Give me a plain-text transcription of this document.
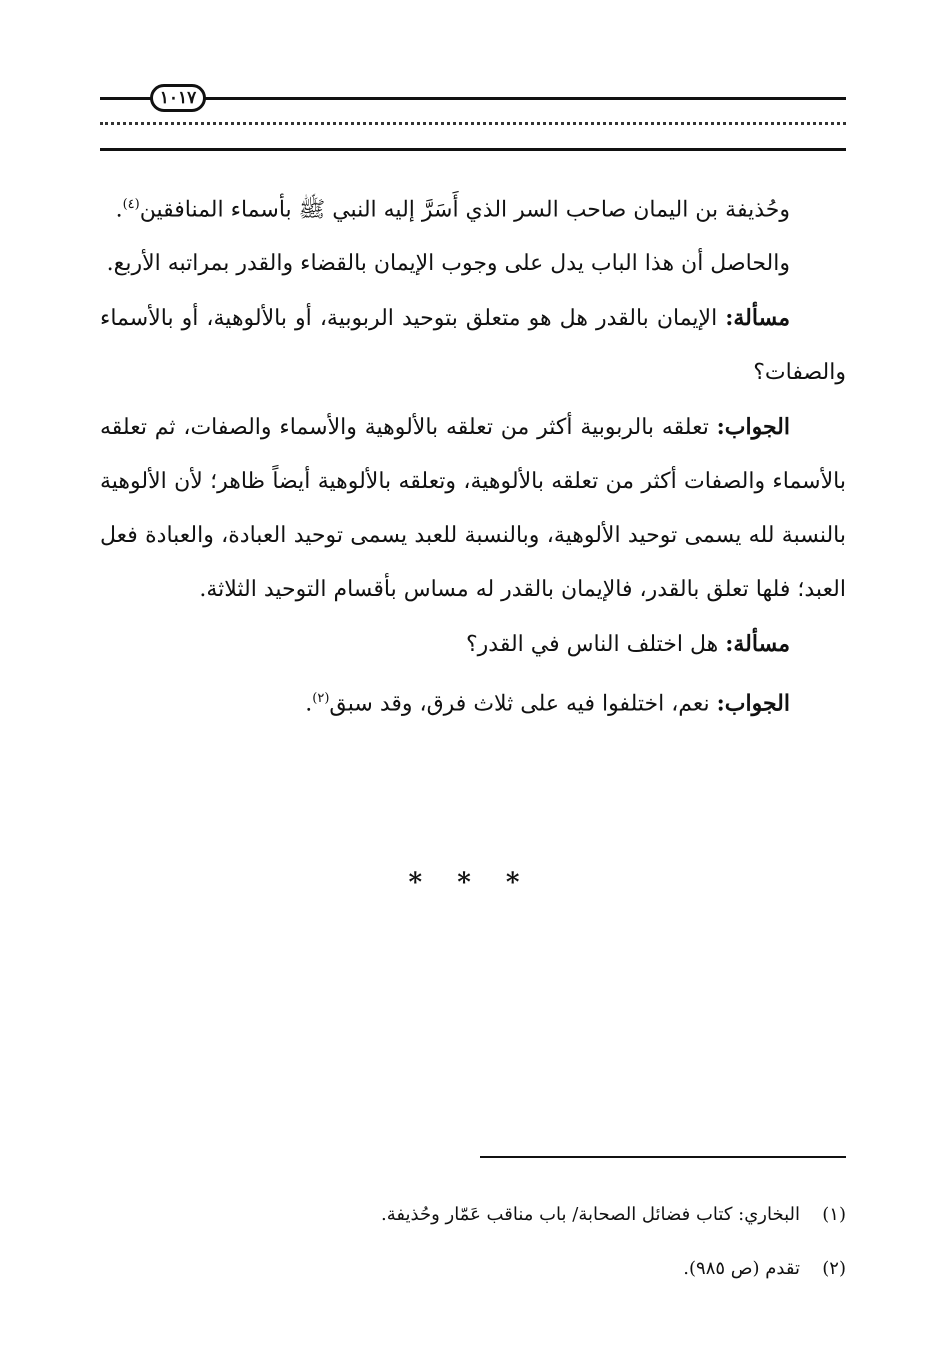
١٠١٧

وحُذيفة بن اليمان صاحب السر الذي أَسَرَّ إليه النبي ﷺ بأسماء المنافقين$^{(٤)}$.

والحاصل أن هذا الباب يدل على وجوب الإيمان بالقضاء والقدر بمراتبه الأربع.

مسألة: الإيمان بالقدر هل هو متعلق بتوحيد الربوبية، أو بالألوهية، أو بالأسماء والصفات؟

الجواب: تعلقه بالربوبية أكثر من تعلقه بالألوهية والأسماء والصفات، ثم تعلقه بالأسماء والصفات أكثر من تعلقه بالألوهية، وتعلقه بالألوهية أيضاً ظاهر؛ لأن الألوهية بالنسبة لله يسمى توحيد الألوهية، وبالنسبة للعبد يسمى توحيد العبادة، والعبادة فعل العبد؛ فلها تعلق بالقدر، فالإيمان بالقدر له مساس بأقسام التوحيد الثلاثة.

مسألة: هل اختلف الناس في القدر؟

الجواب: نعم، اختلفوا فيه على ثلاث فرق، وقد سبق$^{(٢)}$.

* * *

(١)البخاري: كتاب فضائل الصحابة/ باب مناقب عَمّار وحُذيفة.

(٢)تقدم (ص ٩٨٥).
